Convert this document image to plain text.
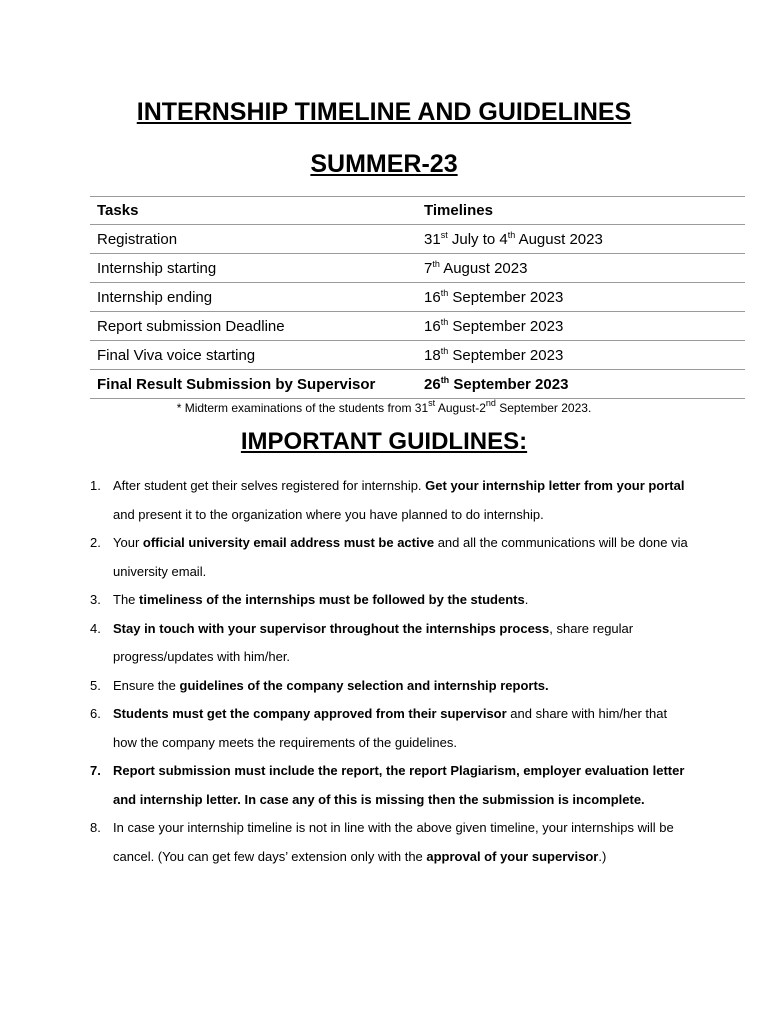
INTERNSHIP TIMELINE AND GUIDELINES
SUMMER-23
Tasks	Timelines
Registration	31st July to 4th August 2023
Internship starting	7th August 2023
Internship ending	16th September 2023
Report submission Deadline	16th September 2023
Final Viva voice starting	18th September 2023
Final Result Submission by Supervisor	26th September 2023
* Midterm examinations of the students from 31st August-2nd September 2023.
IMPORTANT GUIDLINES:
1. After student get their selves registered for internship. Get your internship letter from your portal and present it to the organization where you have planned to do internship.
2. Your official university email address must be active and all the communications will be done via university email.
3. The timeliness of the internships must be followed by the students.
4. Stay in touch with your supervisor throughout the internships process, share regular progress/updates with him/her.
5. Ensure the guidelines of the company selection and internship reports.
6. Students must get the company approved from their supervisor and share with him/her that how the company meets the requirements of the guidelines.
7. Report submission must include the report, the report Plagiarism, employer evaluation letter and internship letter. In case any of this is missing then the submission is incomplete.
8. In case your internship timeline is not in line with the above given timeline, your internships will be cancel. (You can get few days’ extension only with the approval of your supervisor.)
